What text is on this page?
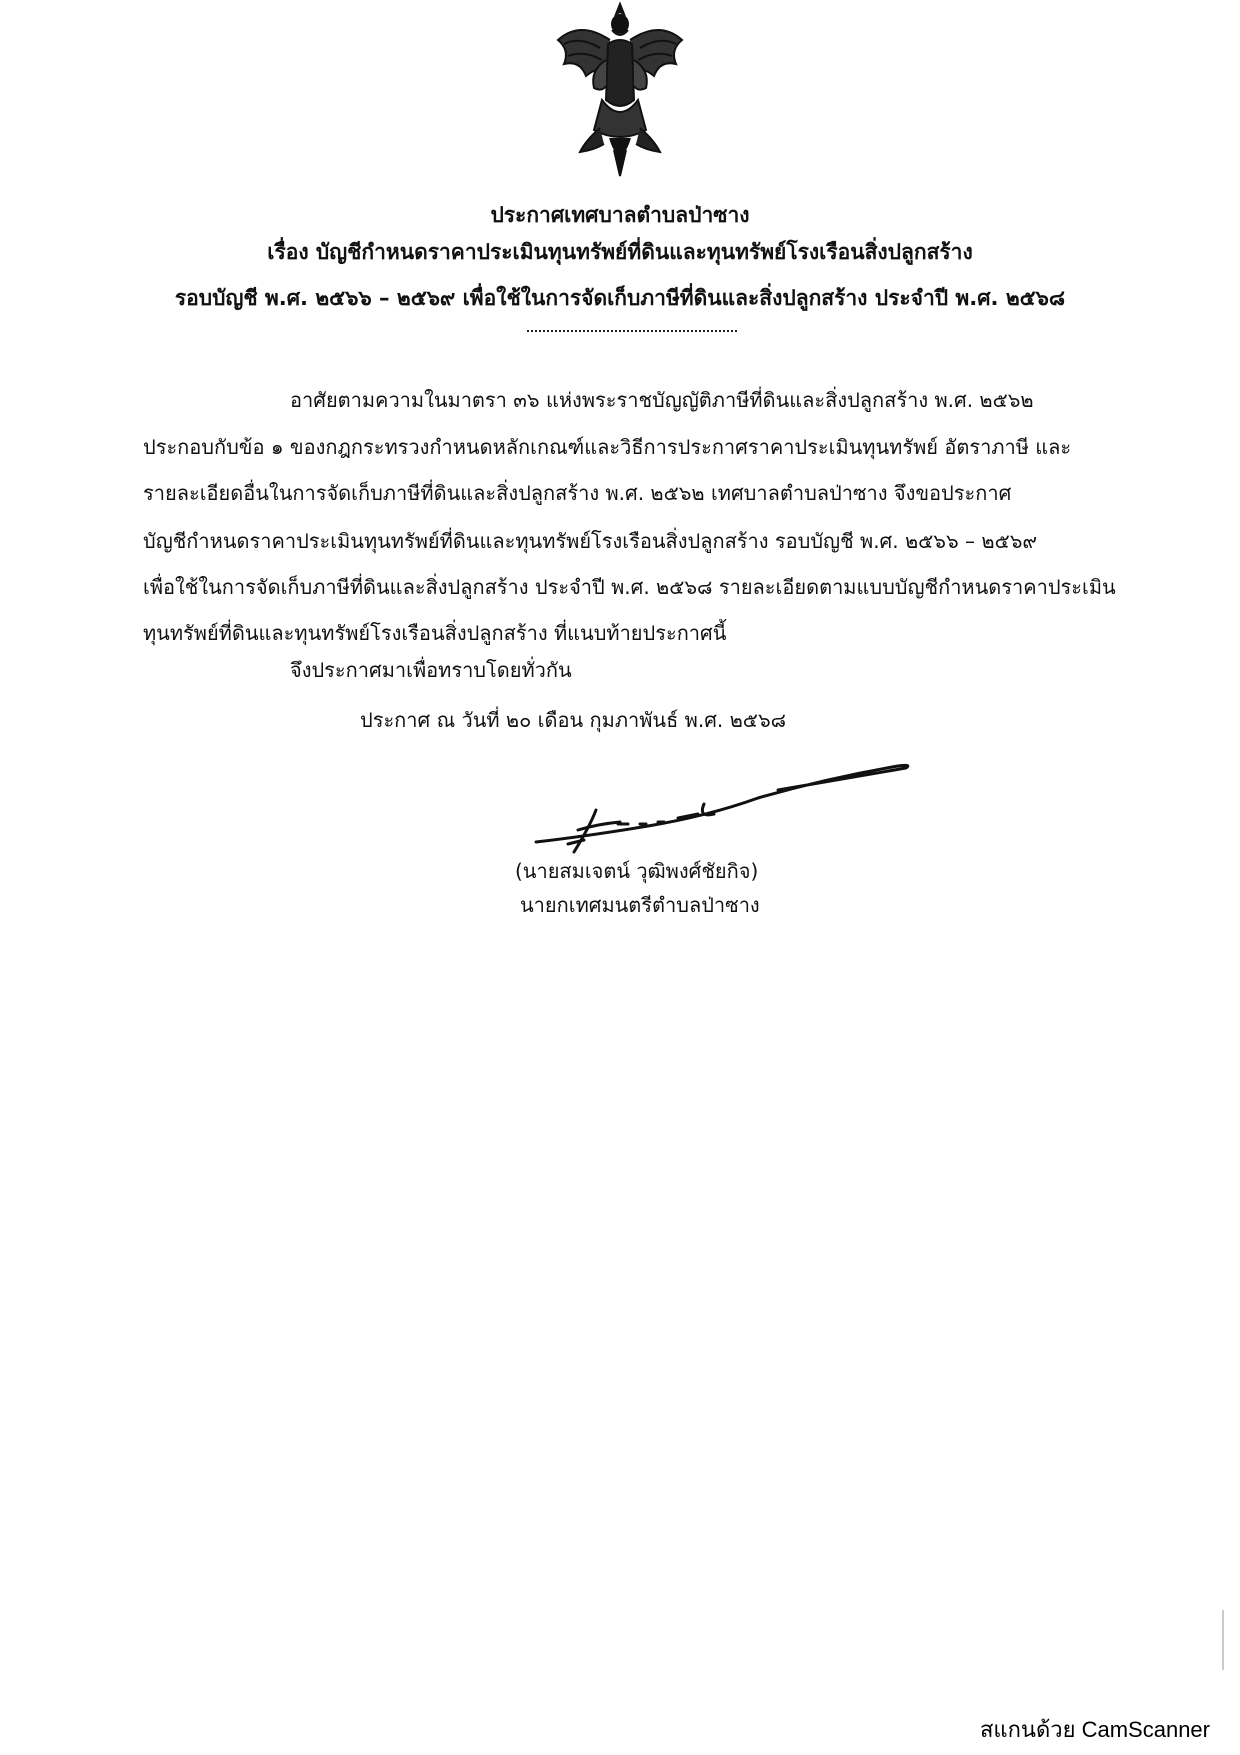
ประกาศเทศบาลตำบลป่าซาง
เรื่อง บัญชีกำหนดราคาประเมินทุนทรัพย์ที่ดินและทุนทรัพย์โรงเรือนสิ่งปลูกสร้าง
รอบบัญชี พ.ศ. ๒๕๖๖ – ๒๕๖๙ เพื่อใช้ในการจัดเก็บภาษีที่ดินและสิ่งปลูกสร้าง ประจำปี พ.ศ. ๒๕๖๘
อาศัยตามความในมาตรา ๓๖ แห่งพระราชบัญญัติภาษีที่ดินและสิ่งปลูกสร้าง พ.ศ. ๒๕๖๒
ประกอบกับข้อ ๑ ของกฎกระทรวงกำหนดหลักเกณฑ์และวิธีการประกาศราคาประเมินทุนทรัพย์ อัตราภาษี และ
รายละเอียดอื่นในการจัดเก็บภาษีที่ดินและสิ่งปลูกสร้าง พ.ศ. ๒๕๖๒ เทศบาลตำบลป่าซาง จึงขอประกาศ
บัญชีกำหนดราคาประเมินทุนทรัพย์ที่ดินและทุนทรัพย์โรงเรือนสิ่งปลูกสร้าง รอบบัญชี พ.ศ. ๒๕๖๖ – ๒๕๖๙
เพื่อใช้ในการจัดเก็บภาษีที่ดินและสิ่งปลูกสร้าง ประจำปี พ.ศ. ๒๕๖๘ รายละเอียดตามแบบบัญชีกำหนดราคาประเมิน
ทุนทรัพย์ที่ดินและทุนทรัพย์โรงเรือนสิ่งปลูกสร้าง ที่แนบท้ายประกาศนี้
จึงประกาศมาเพื่อทราบโดยทั่วกัน
ประกาศ ณ วันที่ ๒๐ เดือน กุมภาพันธ์ พ.ศ. ๒๕๖๘
(นายสมเจตน์ วุฒิพงศ์ชัยกิจ)
นายกเทศมนตรีตำบลป่าซาง
สแกนด้วย CamScanner
